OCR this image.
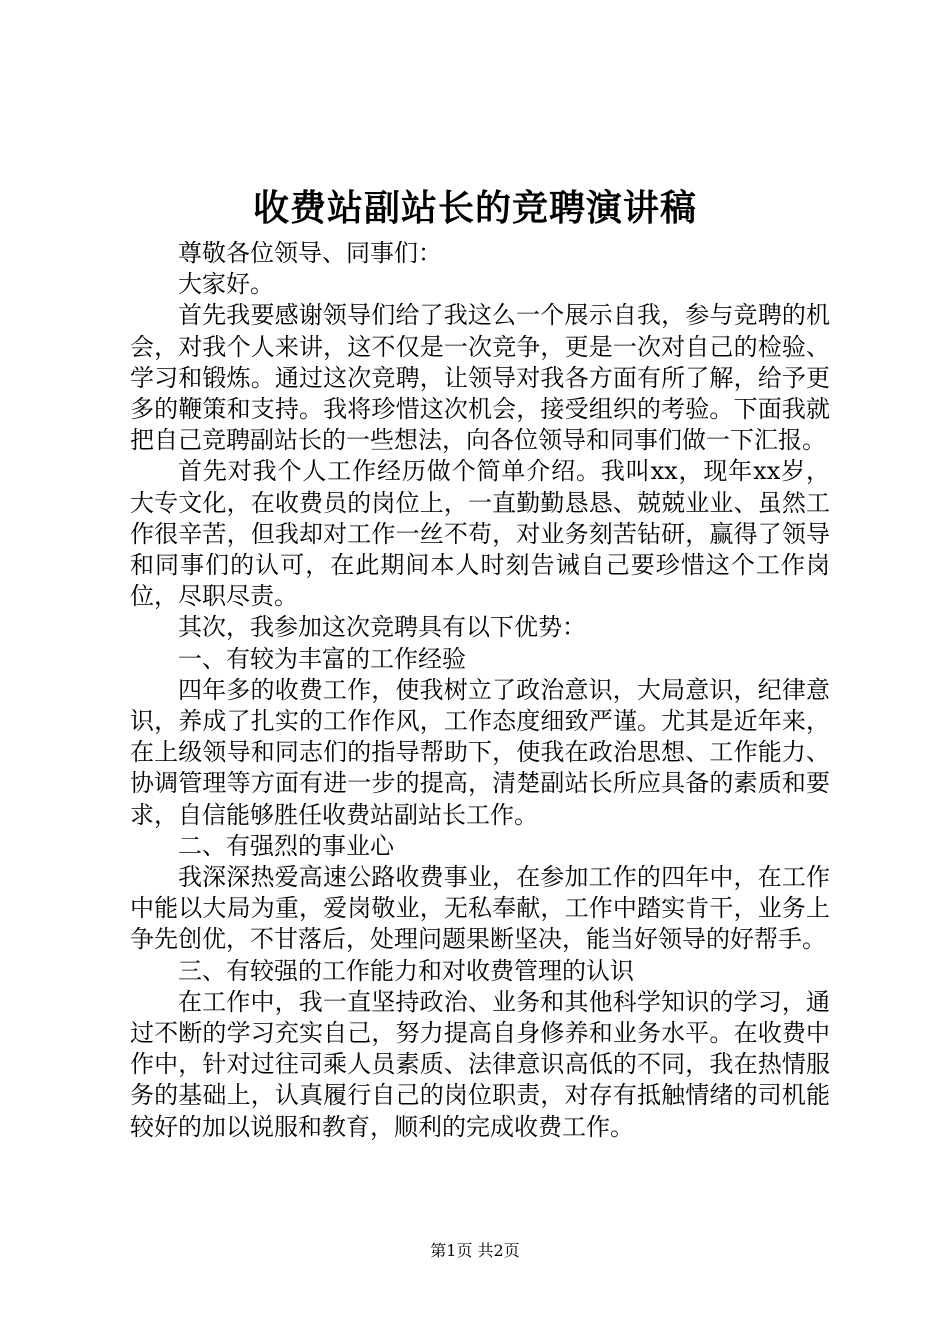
收费站副站长的竞聘演讲稿

尊敬各位领导、同事们：

大家好。

首先我要感谢领导们给了我这么一个展示自我，参与竞聘的机会，对我个人来讲，这不仅是一次竞争，更是一次对自己的检验、学习和锻炼。通过这次竞聘，让领导对我各方面有所了解，给予更多的鞭策和支持。我将珍惜这次机会，接受组织的考验。下面我就把自己竞聘副站长的一些想法，向各位领导和同事们做一下汇报。

首先对我个人工作经历做个简单介绍。我叫xx，现年xx岁，大专文化，在收费员的岗位上，一直勤勤恳恳、兢兢业业、虽然工作很辛苦，但我却对工作一丝不苟，对业务刻苦钻研，赢得了领导和同事们的认可，在此期间本人时刻告诫自己要珍惜这个工作岗位，尽职尽责。

其次，我参加这次竞聘具有以下优势：

一、有较为丰富的工作经验

四年多的收费工作，使我树立了政治意识，大局意识，纪律意识，养成了扎实的工作作风，工作态度细致严谨。尤其是近年来，在上级领导和同志们的指导帮助下，使我在政治思想、工作能力、协调管理等方面有进一步的提高，清楚副站长所应具备的素质和要求，自信能够胜任收费站副站长工作。

二、有强烈的事业心

我深深热爱高速公路收费事业，在参加工作的四年中，在工作中能以大局为重，爱岗敬业，无私奉献，工作中踏实肯干，业务上争先创优，不甘落后，处理问题果断坚决，能当好领导的好帮手。

三、有较强的工作能力和对收费管理的认识

在工作中，我一直坚持政治、业务和其他科学知识的学习，通过不断的学习充实自己，努力提高自身修养和业务水平。在收费中作中，针对过往司乘人员素质、法律意识高低的不同，我在热情服务的基础上，认真履行自己的岗位职责，对存有抵触情绪的司机能较好的加以说服和教育，顺利的完成收费工作。

第1页 共2页
